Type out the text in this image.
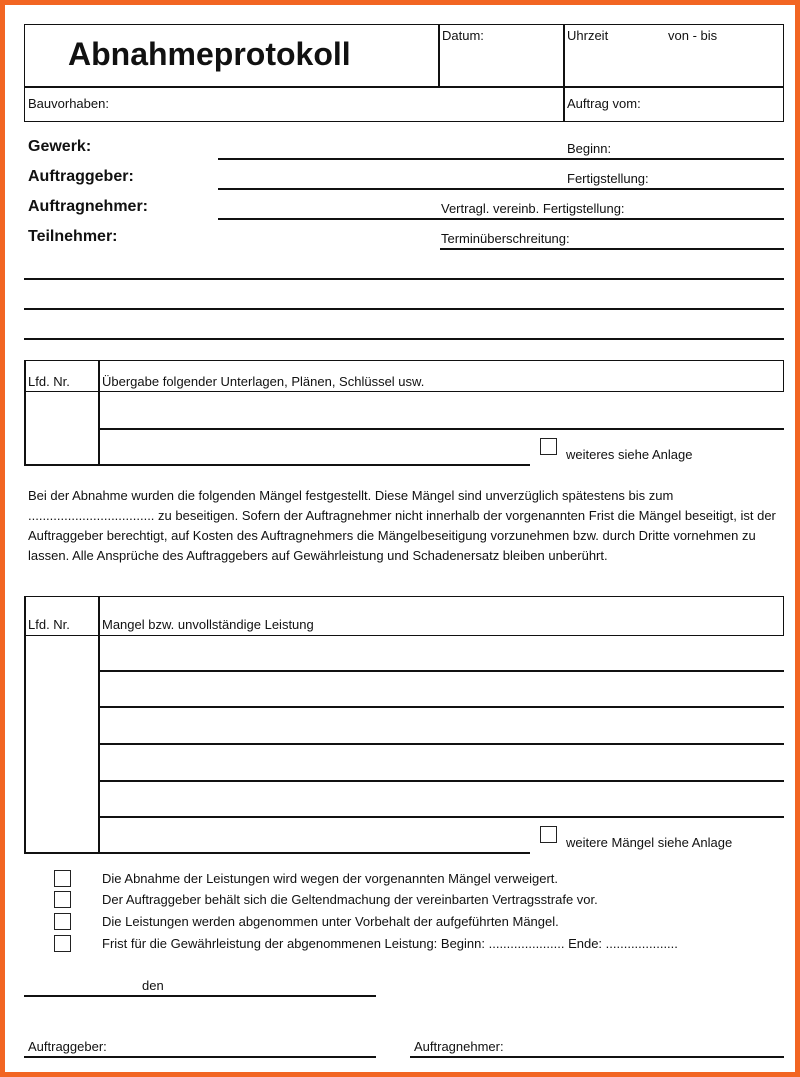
Abnahmeprotokoll
Datum:	Uhrzeit	von - bis
Bauvorhaben:	Auftrag vom:
Gewerk:
Auftraggeber:
Auftragnehmer:
Teilnehmer:
Beginn:
Fertigstellung:
Vertragl. vereinb. Fertigstellung:
Terminüberschreitung:
Lfd. Nr. Übergabe folgender Unterlagen, Plänen, Schlüssel usw.
weiteres siehe Anlage
Bei der Abnahme wurden die folgenden Mängel festgestellt. Diese Mängel sind unverzüglich spätestens bis zum ................................... zu beseitigen. Sofern der Auftragnehmer nicht innerhalb der vorgenannten Frist die Mängel beseitigt, ist der Auftraggeber berechtigt, auf Kosten des Auftragnehmers die Mängelbeseitigung vorzunehmen bzw. durch Dritte vornehmen zu lassen. Alle Ansprüche des Auftraggebers auf Gewährleistung und Schadenersatz bleiben unberührt.
Lfd. Nr. Mangel bzw. unvollständige Leistung
weitere Mängel siehe Anlage
Die Abnahme der Leistungen wird wegen der vorgenannten Mängel verweigert.
Der Auftraggeber behält sich die Geltendmachung der vereinbarten Vertragsstrafe vor.
Die Leistungen werden abgenommen unter Vorbehalt der aufgeführten Mängel.
Frist für die Gewährleistung der abgenommenen Leistung: Beginn: ..................... Ende: ....................
den
Auftraggeber:	Auftragnehmer:
